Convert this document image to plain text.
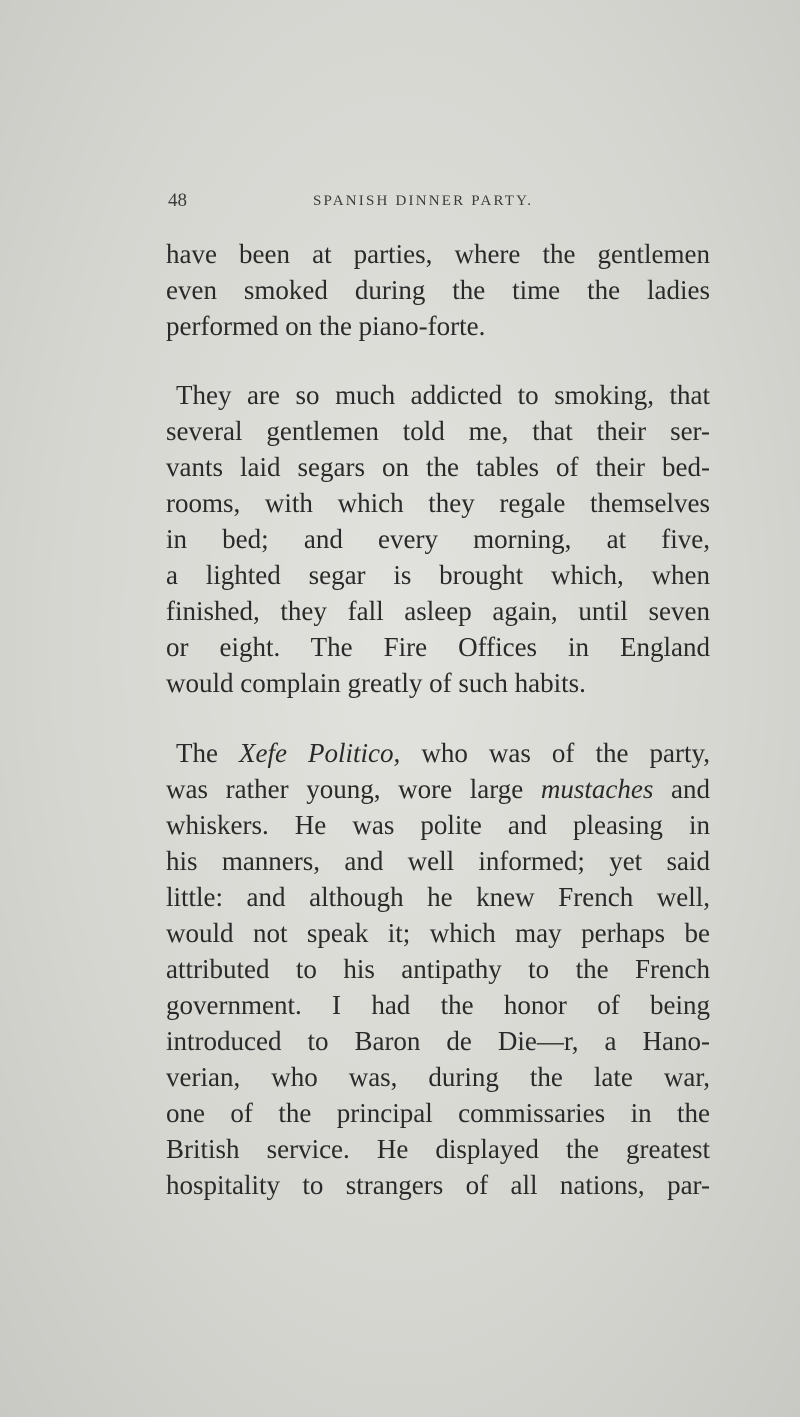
48	SPANISH DINNER PARTY.
have been at parties, where the gentlemen
even smoked during the time the ladies
performed on the piano-forte.
They are so much addicted to smoking, that
several gentlemen told me, that their ser-
vants laid segars on the tables of their bed-
rooms, with which they regale themselves
in bed; and every morning, at five,
a lighted segar is brought which, when
finished, they fall asleep again, until seven
or eight. The Fire Offices in England
would complain greatly of such habits.
The Xefe Politico, who was of the party,
was rather young, wore large mustaches and
whiskers. He was polite and pleasing in
his manners, and well informed; yet said
little: and although he knew French well,
would not speak it; which may perhaps be
attributed to his antipathy to the French
government. I had the honor of being
introduced to Baron de Die—r, a Hano-
verian, who was, during the late war,
one of the principal commissaries in the
British service. He displayed the greatest
hospitality to strangers of all nations, par-
